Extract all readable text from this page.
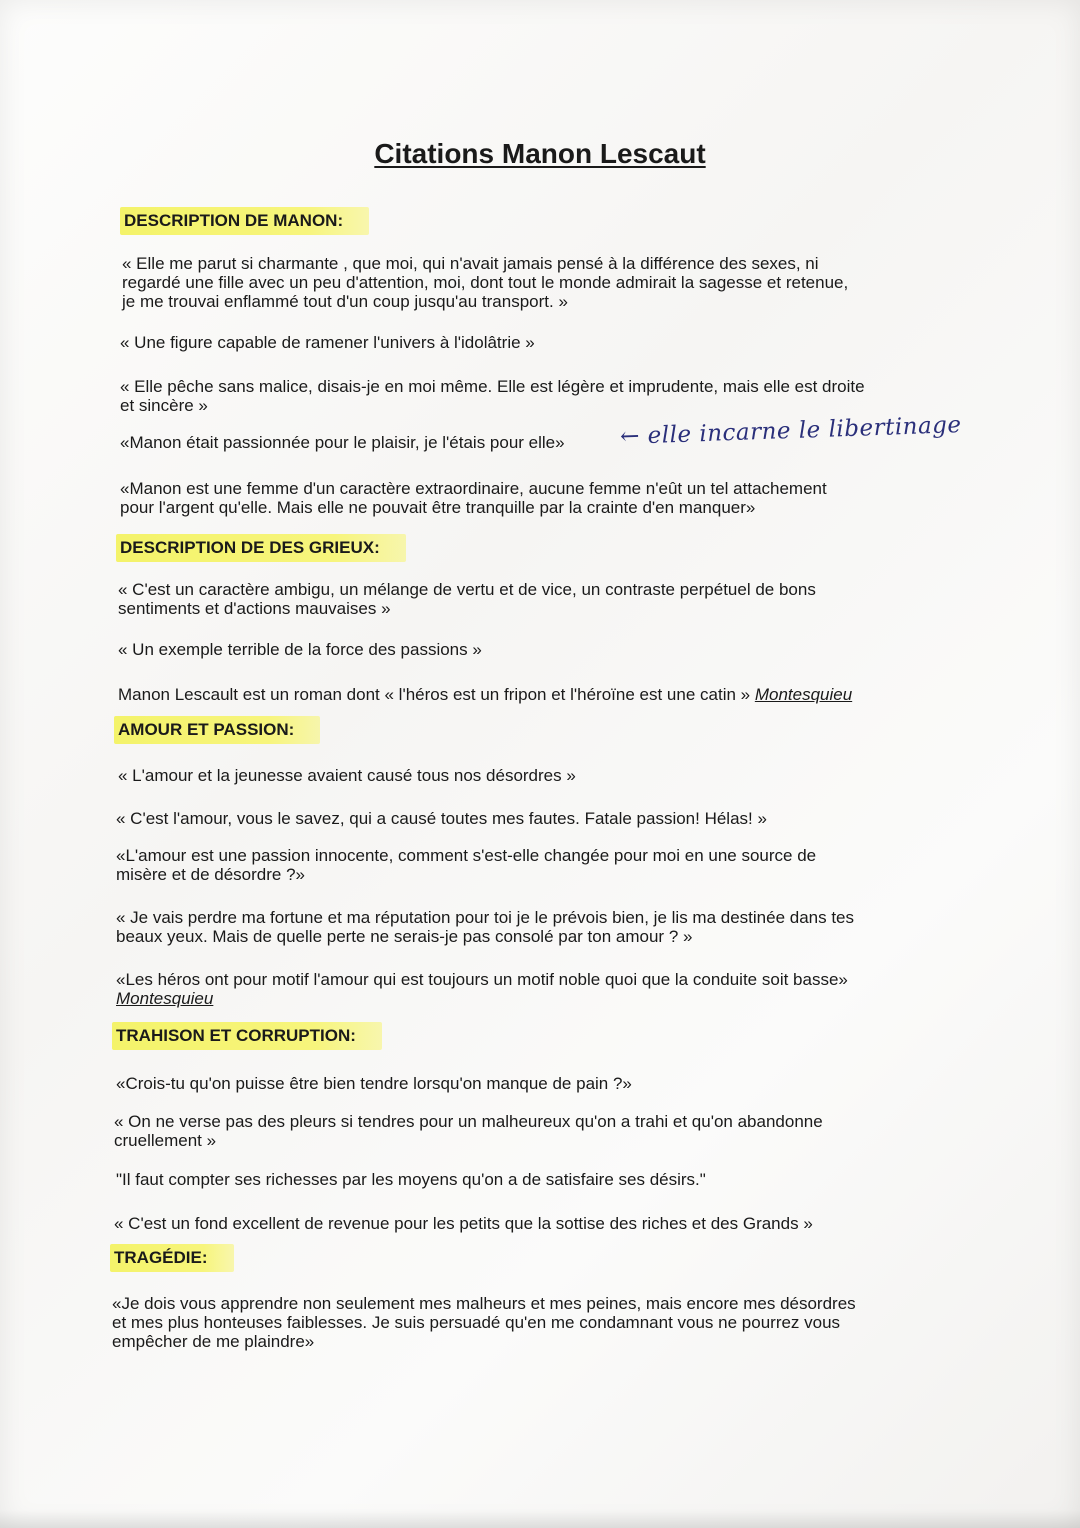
Citations Manon Lescaut
DESCRIPTION DE MANON:

« Elle me parut si charmante , que moi, qui n'avait jamais pensé à la différence des sexes, ni
regardé une fille avec un peu d'attention, moi, dont tout le monde admirait la sagesse et retenue,
je me trouvai enflammé tout d'un coup jusqu'au transport. »

« Une figure capable de ramener l'univers à l'idolâtrie »

« Elle pêche sans malice, disais-je en moi même. Elle est légère et imprudente, mais elle est droite
et sincère »

«Manon était passionnée pour le plaisir, je l'étais pour elle» ← elle incarne le libertinage

«Manon est une femme d'un caractère extraordinaire, aucune femme n'eût un tel attachement
pour l'argent qu'elle. Mais elle ne pouvait être tranquille par la crainte d'en manquer»

DESCRIPTION DE DES GRIEUX:

« C'est un caractère ambigu, un mélange de vertu et de vice, un contraste perpétuel de bons
sentiments et d'actions mauvaises »

« Un exemple terrible de la force des passions »

Manon Lescault est un roman dont « l'héros est un fripon et l'héroïne est une catin » Montesquieu

AMOUR ET PASSION:

« L'amour et la jeunesse avaient causé tous nos désordres »

« C'est l'amour, vous le savez, qui a causé toutes mes fautes. Fatale passion! Hélas! »

«L'amour est une passion innocente, comment s'est-elle changée pour moi en une source de
misère et de désordre ?»

« Je vais perdre ma fortune et ma réputation pour toi je le prévois bien, je lis ma destinée dans tes
beaux yeux. Mais de quelle perte ne serais-je pas consolé par ton amour ? »

«Les héros ont pour motif l'amour qui est toujours un motif noble quoi que la conduite soit basse»
Montesquieu

TRAHISON ET CORRUPTION:

«Crois-tu qu'on puisse être bien tendre lorsqu'on manque de pain ?»

« On ne verse pas des pleurs si tendres pour un malheureux qu'on a trahi et qu'on abandonne
cruellement »

"Il faut compter ses richesses par les moyens qu'on a de satisfaire ses désirs."

« C'est un fond excellent de revenue pour les petits que la sottise des riches et des Grands »

TRAGÉDIE:

«Je dois vous apprendre non seulement mes malheurs et mes peines, mais encore mes désordres
et mes plus honteuses faiblesses. Je suis persuadé qu'en me condamnant vous ne pourrez vous
empêcher de me plaindre»
